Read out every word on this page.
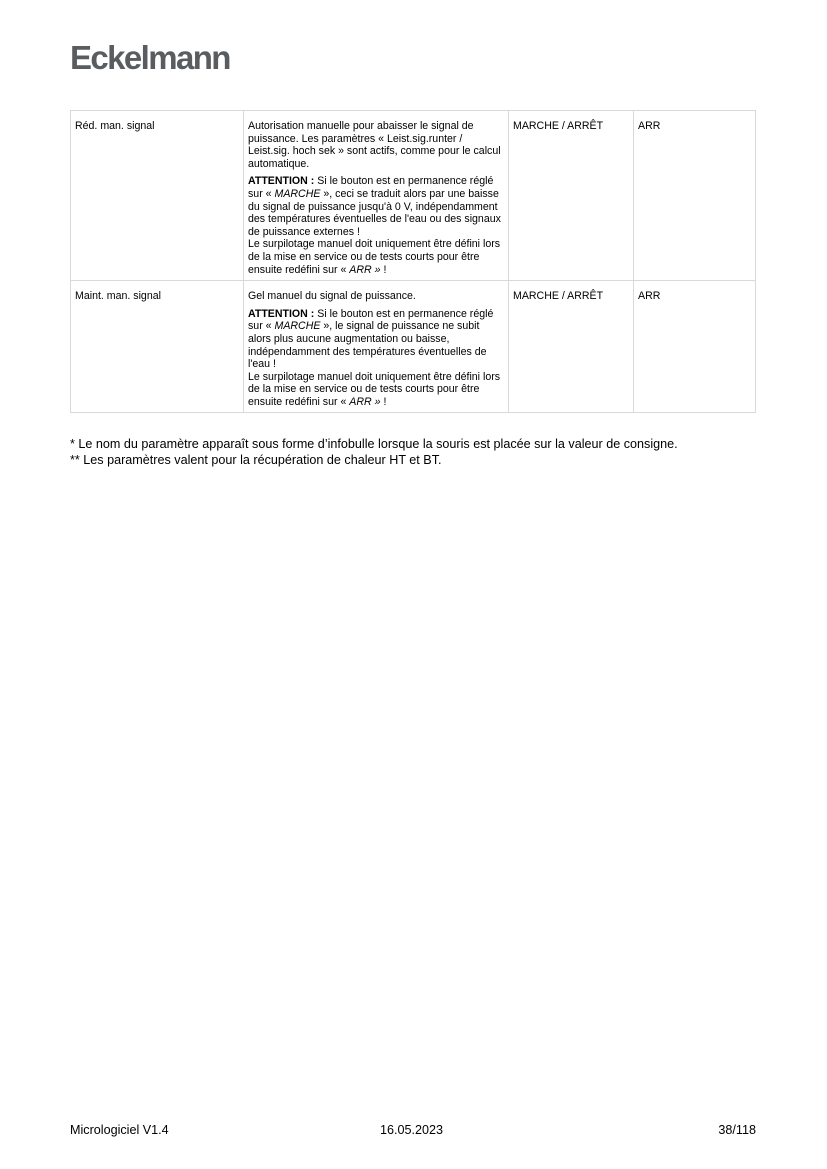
Eckelmann
Réd. man. signal	Autorisation manuelle pour abaisser le signal de puissance. Les paramètres « Leist.sig.runter / Leist.sig. hoch sek » sont actifs, comme pour le calcul automatique.

ATTENTION : Si le bouton est en permanence réglé sur « MARCHE », ceci se traduit alors par une baisse du signal de puissance jusqu'à 0 V, indépendamment des températures éventuelles de l'eau ou des signaux de puissance externes !
Le surpilotage manuel doit uniquement être défini lors de la mise en service ou de tests courts pour être ensuite redéfini sur « ARR » !	MARCHE / ARRÊT	ARR
Maint. man. signal	Gel manuel du signal de puissance.

ATTENTION : Si le bouton est en permanence réglé sur « MARCHE », le signal de puissance ne subit alors plus aucune augmentation ou baisse, indépendamment des températures éventuelles de l'eau !
Le surpilotage manuel doit uniquement être défini lors de la mise en service ou de tests courts pour être ensuite redéfini sur « ARR » !	MARCHE / ARRÊT	ARR
* Le nom du paramètre apparaît sous forme d’infobulle lorsque la souris est placée sur la valeur de consigne.
** Les paramètres valent pour la récupération de chaleur HT et BT.
Micrologiciel V1.4	16.05.2023	38/118
